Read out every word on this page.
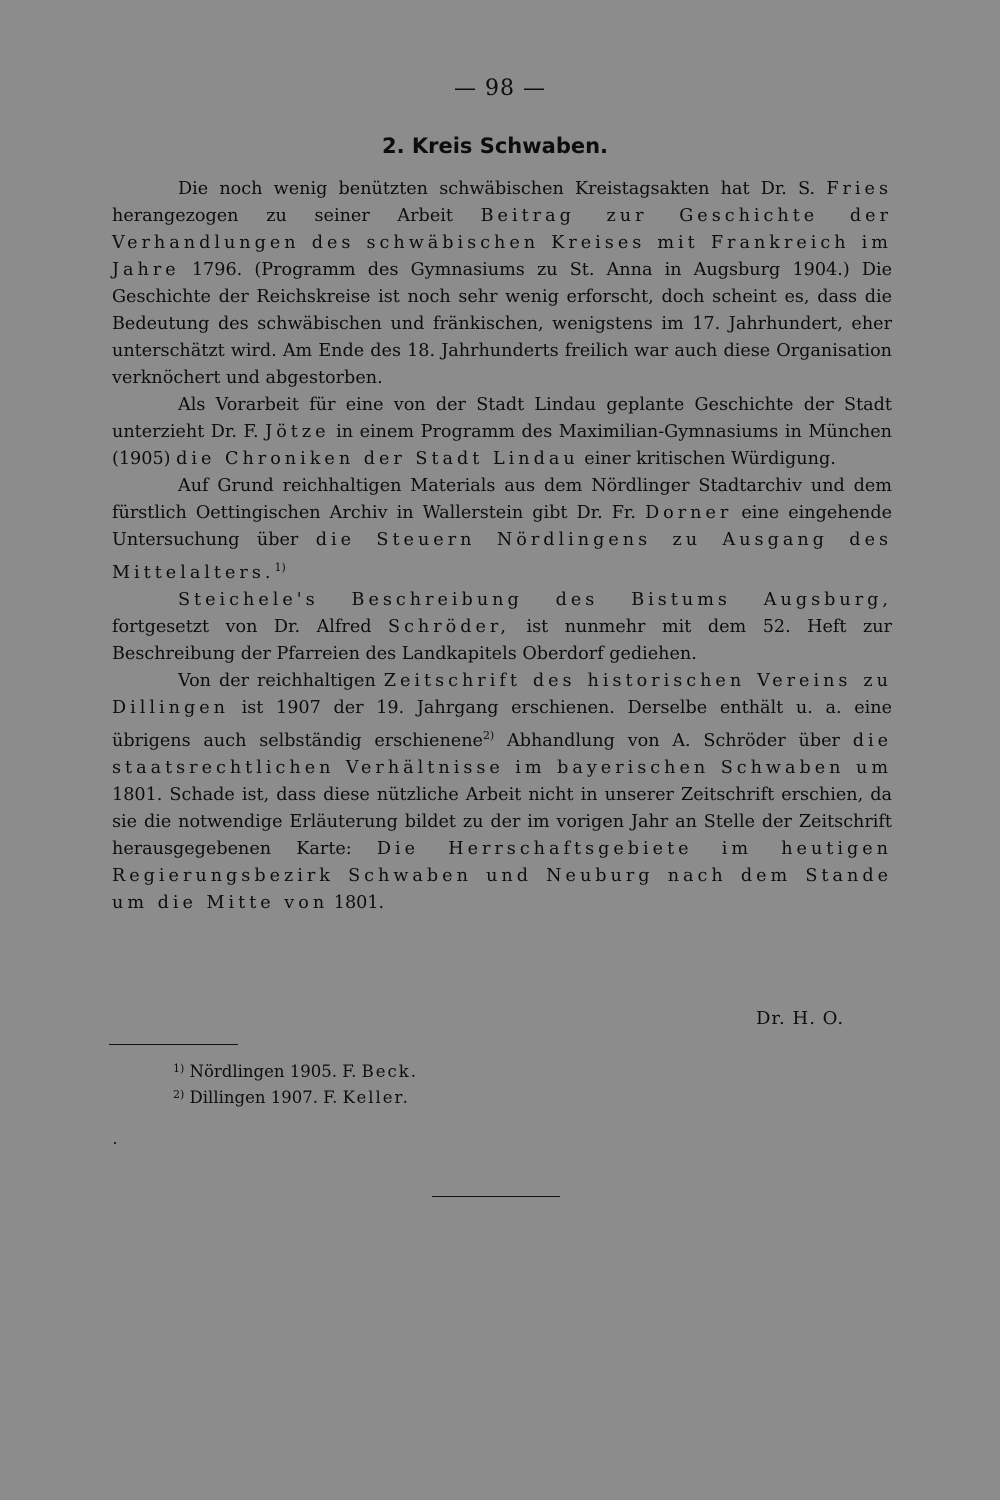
— 98 —
2. Kreis Schwaben.

Die noch wenig benützten schwäbischen Kreistagsakten hat Dr. S. Fries herangezogen zu seiner Arbeit Beitrag zur Geschichte der Verhandlungen des schwäbischen Kreises mit Frankreich im Jahre 1796. (Programm des Gymnasiums zu St. Anna in Augsburg 1904.) Die Geschichte der Reichskreise ist noch sehr wenig erforscht, doch scheint es, dass die Bedeutung des schwäbischen und fränkischen, wenigstens im 17. Jahrhundert, eher unterschätzt wird. Am Ende des 18. Jahrhunderts freilich war auch diese Organisation verknöchert und abgestorben.

Als Vorarbeit für eine von der Stadt Lindau geplante Geschichte der Stadt unterzieht Dr. F. Jötze in einem Programm des Maximilian-Gymnasiums in München (1905) die Chroniken der Stadt Lindau einer kritischen Würdigung.

Auf Grund reichhaltigen Materials aus dem Nördlinger Stadtarchiv und dem fürstlich Oettingischen Archiv in Wallerstein gibt Dr. Fr. Dorner eine eingehende Untersuchung über die Steuern Nördlingens zu Ausgang des Mittelalters.$^{1)}$

Steichele's Beschreibung des Bistums Augsburg, fortgesetzt von Dr. Alfred Schröder, ist nunmehr mit dem 52. Heft zur Beschreibung der Pfarreien des Landkapitels Oberdorf gediehen.

Von der reichhaltigen Zeitschrift des historischen Vereins zu Dillingen ist 1907 der 19. Jahrgang erschienen. Derselbe enthält u. a. eine übrigens auch selbständig erschienene$^{2)}$ Abhandlung von A. Schröder über die staatsrechtlichen Verhältnisse im bayerischen Schwaben um 1801. Schade ist, dass diese nützliche Arbeit nicht in unserer Zeitschrift erschien, da sie die notwendige Erläuterung bildet zu der im vorigen Jahr an Stelle der Zeitschrift herausgegebenen Karte: Die Herrschaftsgebiete im heutigen Regierungsbezirk Schwaben und Neuburg nach dem Stande um die Mitte von 1801.

Dr. H. O.
$^{1)}$ Nördlingen 1905. F. Beck.
$^{2)}$ Dillingen 1907. F. Keller.
